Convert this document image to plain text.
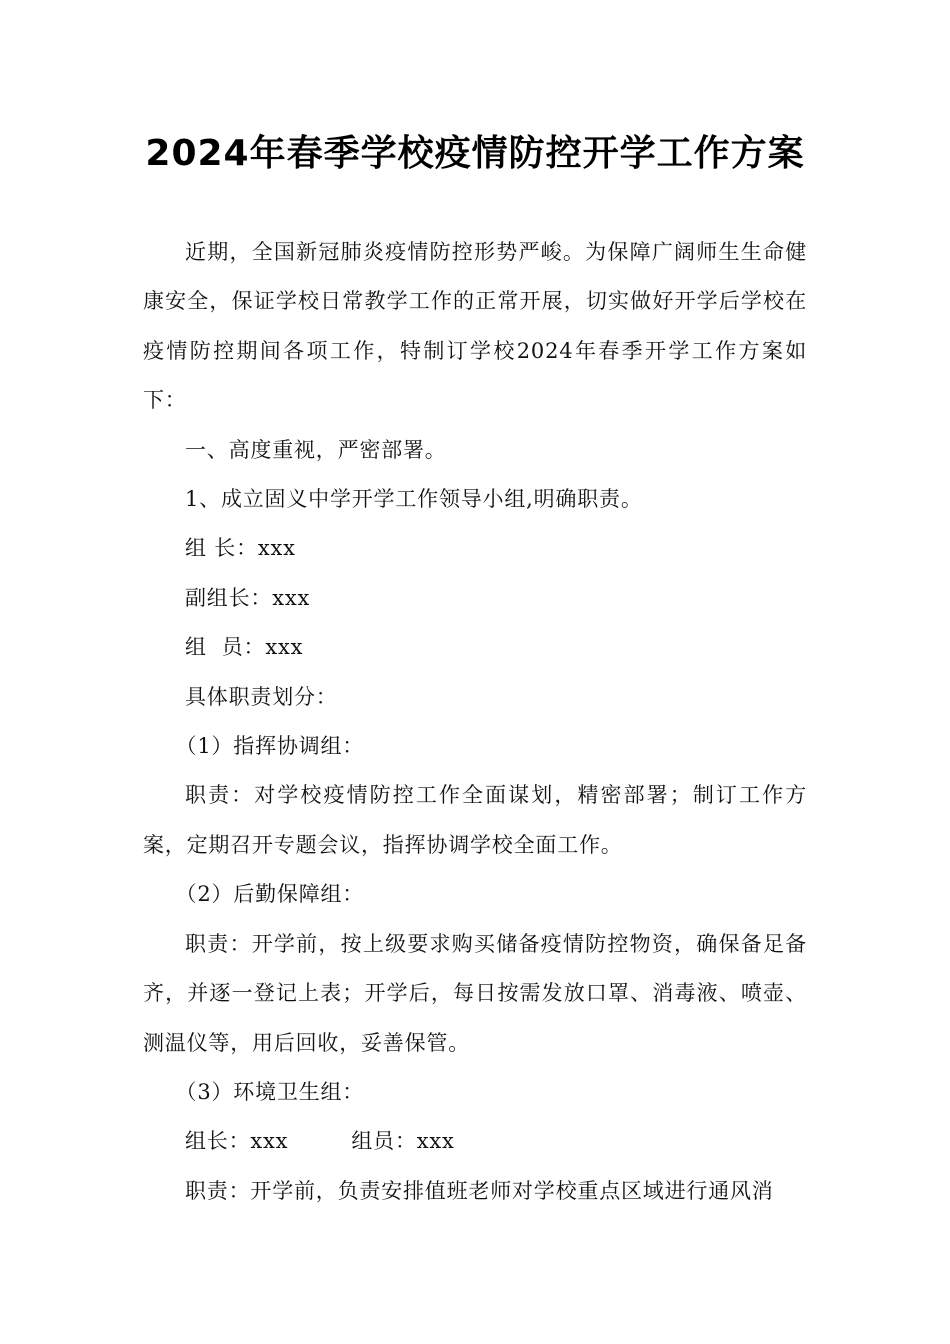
2024年春季学校疫情防控开学工作方案

近期，全国新冠肺炎疫情防控形势严峻。为保障广阔师生生命健康安全，保证学校日常教学工作的正常开展，切实做好开学后学校在疫情防控期间各项工作，特制订学校2024年春季开学工作方案如下：

一、高度重视，严密部署。

1、成立固义中学开学工作领导小组,明确职责。

组 长：xxx

副组长：xxx

组  员：xxx

具体职责划分：

（1）指挥协调组：

职责：对学校疫情防控工作全面谋划，精密部署；制订工作方案，定期召开专题会议，指挥协调学校全面工作。

（2）后勤保障组：

职责：开学前，按上级要求购买储备疫情防控物资，确保备足备齐，并逐一登记上表；开学后，每日按需发放口罩、消毒液、喷壶、测温仪等，用后回收，妥善保管。

（3）环境卫生组：

组长：xxx	组员：xxx

职责：开学前，负责安排值班老师对学校重点区域进行通风消
